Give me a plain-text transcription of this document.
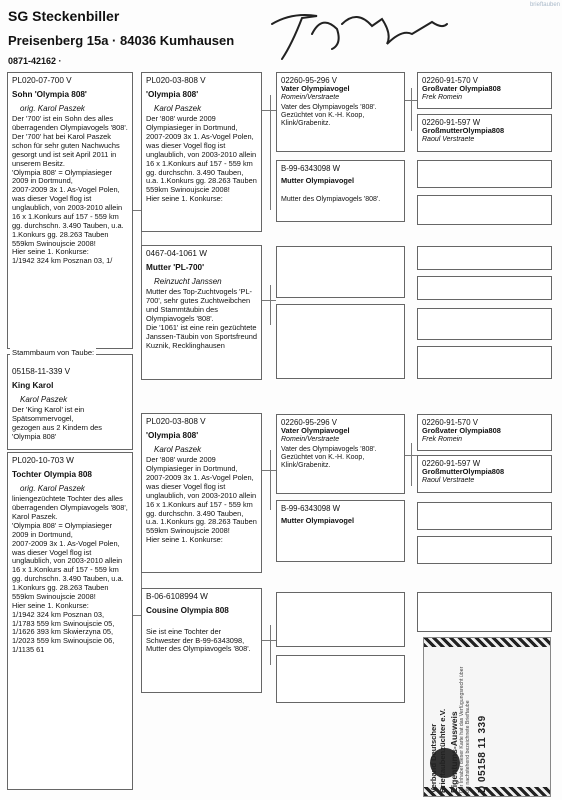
SG Steckenbiller
Preisenberg 15a · 84036 Kumhausen
0871-42162 ·
brieftauben
PL020-07-700 V
Sohn 'Olympia 808'
orig. Karol Paszek
Der '700' ist ein Sohn des alles überragenden Olympiavogels '808'.
Der '700' hat bei Karol Paszek schon für sehr guten Nachwuchs gesorgt und ist seit April 2011 in unserem Besitz.
'Olympia 808' = Olympiasieger 2009 in Dortmund,
2007-2009 3x 1. As-Vogel Polen,
was dieser Vogel flog ist unglaublich, von 2003-2010 allein 16 x 1.Konkurs auf 157 - 559 km gg. durchschn. 3.490 Tauben, u.a. 1.Konkurs gg. 28.263 Tauben 559km Swinoujscie 2008!
Hier seine 1. Konkurse:
1/1942 324 km Posznan 03, 1/
05158-11-339 V
King Karol
Karol Paszek
Der 'King Karol' ist ein Spätsommervogel,
gezogen aus 2 Kindern des 'Olympia 808'
Stammbaum von Taube:
PL020-10-703 W
Tochter Olympia 808
orig. Karol Paszek
liniengezüchtete Tochter des alles überragenden Olympiavogels '808', Karol Paszek.
'Olympia 808' = Olympiasieger 2009 in Dortmund,
2007-2009 3x 1. As-Vogel Polen,
was dieser Vogel flog ist unglaublich, von 2003-2010 allein 16 x 1.Konkurs auf 157 - 559 km gg. durchschn. 3.490 Tauben, u.a. 1.Konkurs gg. 28.263 Tauben 559km Swinoujscie 2008!
Hier seine 1. Konkurse:
1/1942 324 km Posznan 03,
1/1783 559 km Swinoujscie 05,
1/1626 393 km Skwierzyna 05,
1/2023 559 km Swinoujscie 06,
1/1135 61
PL020-03-808 V
'Olympia 808'
Karol Paszek
Der '808' wurde 2009 Olympiasieger in Dortmund, 2007-2009 3x 1. As-Vogel Polen,
was dieser Vogel flog ist unglaublich, von 2003-2010 allein 16 x 1.Konkurs auf 157 - 559 km gg. durchschn. 3.490 Tauben, u.a. 1.Konkurs gg. 28.263 Tauben 559km Swinoujscie 2008!
Hier seine 1. Konkurse:
0467-04-1061 W
Mutter 'PL-700'
Reinzucht Janssen
Mutter des Top-Zuchtvogels 'PL-700', sehr gutes Zuchtweibchen und Stammtäubin des Olympiavogels '808'.
Die '1061' ist eine rein gezüchtete Janssen-Täubin von Sportsfreund Kuznik, Recklinghausen
PL020-03-808 V
'Olympia 808'
Karol Paszek
Der '808' wurde 2009 Olympiasieger in Dortmund, 2007-2009 3x 1. As-Vogel Polen,
was dieser Vogel flog ist unglaublich, von 2003-2010 allein 16 x 1.Konkurs auf 157 - 559 km gg. durchschn. 3.490 Tauben, u.a. 1.Konkurs gg. 28.263 Tauben 559km Swinoujscie 2008!
Hier seine 1. Konkurse:
B-06-6108994 W
Cousine Olympia 808
Sie ist eine Tochter der Schwester der B-99-6343098, Mutter des Olympiavogels '808'.
02260-95-296 V
Vater Olympiavogel
Romein/Verstraete
Vater des Olympiavogels '808'. Gezüchtet von K.-H. Koop, Klink/Grabenitz.
B-99-6343098 W
Mutter Olympiavogel
Mutter des Olympiavogels '808'.
02260-95-296 V
Vater Olympiavogel
Romein/Verstraete
Vater des Olympiavogels '808'. Gezüchtet von K.-H. Koop, Klink/Grabenitz.
B-99-6343098 W
Mutter Olympiavogel
02260-91-570 V
Großvater Olympia808
Frek Romein
02260-91-597 W
GroßmutterOlympia808
Raoul Verstraete
02260-91-570 V
Großvater Olympia808
Frek Romein
02260-91-597 W
GroßmutterOlympia808
Raoul Verstraete
Verband Deutscher Brieftaubenzüchter e.V. Eigentums-Ausweis Der Inhaber dieser Karte hat das Verfügungsrecht über die nachstehend bezeichnete Brieftaube D 05158 11 339
